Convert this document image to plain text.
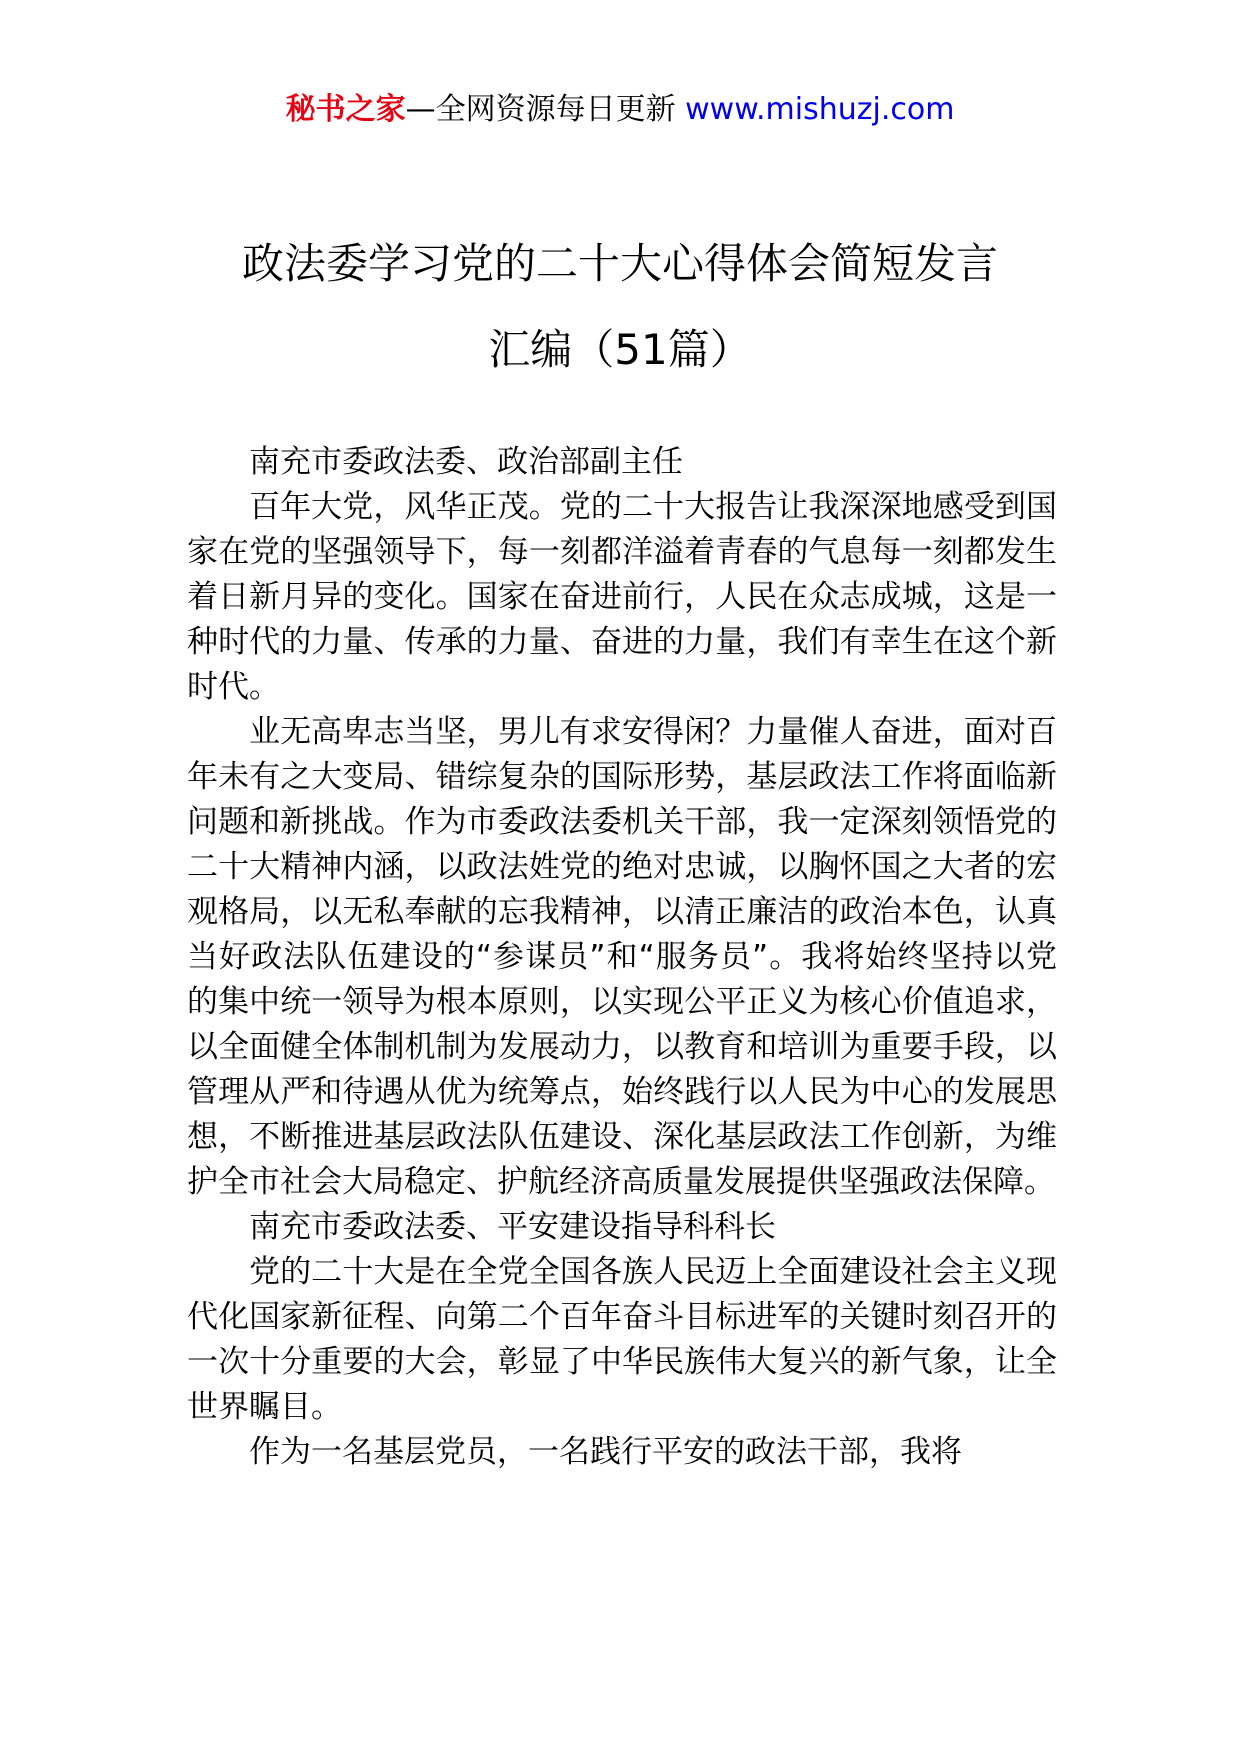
秘书之家—全网资源每日更新 www.mishuzj.com
政法委学习党的二十大心得体会简短发言
汇编（51篇）

南充市委政法委、政治部副主任

百年大党，风华正茂。党的二十大报告让我深深地感受到国家在党的坚强领导下，每一刻都洋溢着青春的气息每一刻都发生着日新月异的变化。国家在奋进前行，人民在众志成城，这是一种时代的力量、传承的力量、奋进的力量，我们有幸生在这个新时代。

业无高卑志当坚，男儿有求安得闲？力量催人奋进，面对百年未有之大变局、错综复杂的国际形势，基层政法工作将面临新问题和新挑战。作为市委政法委机关干部，我一定深刻领悟党的二十大精神内涵，以政法姓党的绝对忠诚，以胸怀国之大者的宏观格局，以无私奉献的忘我精神，以清正廉洁的政治本色，认真当好政法队伍建设的“参谋员”和“服务员”。我将始终坚持以党的集中统一领导为根本原则，以实现公平正义为核心价值追求，以全面健全体制机制为发展动力，以教育和培训为重要手段，以管理从严和待遇从优为统筹点，始终践行以人民为中心的发展思想，不断推进基层政法队伍建设、深化基层政法工作创新，为维护全市社会大局稳定、护航经济高质量发展提供坚强政法保障。

南充市委政法委、平安建设指导科科长

党的二十大是在全党全国各族人民迈上全面建设社会主义现代化国家新征程、向第二个百年奋斗目标进军的关键时刻召开的一次十分重要的大会，彰显了中华民族伟大复兴的新气象，让全世界瞩目。

作为一名基层党员，一名践行平安的政法干部，我将
